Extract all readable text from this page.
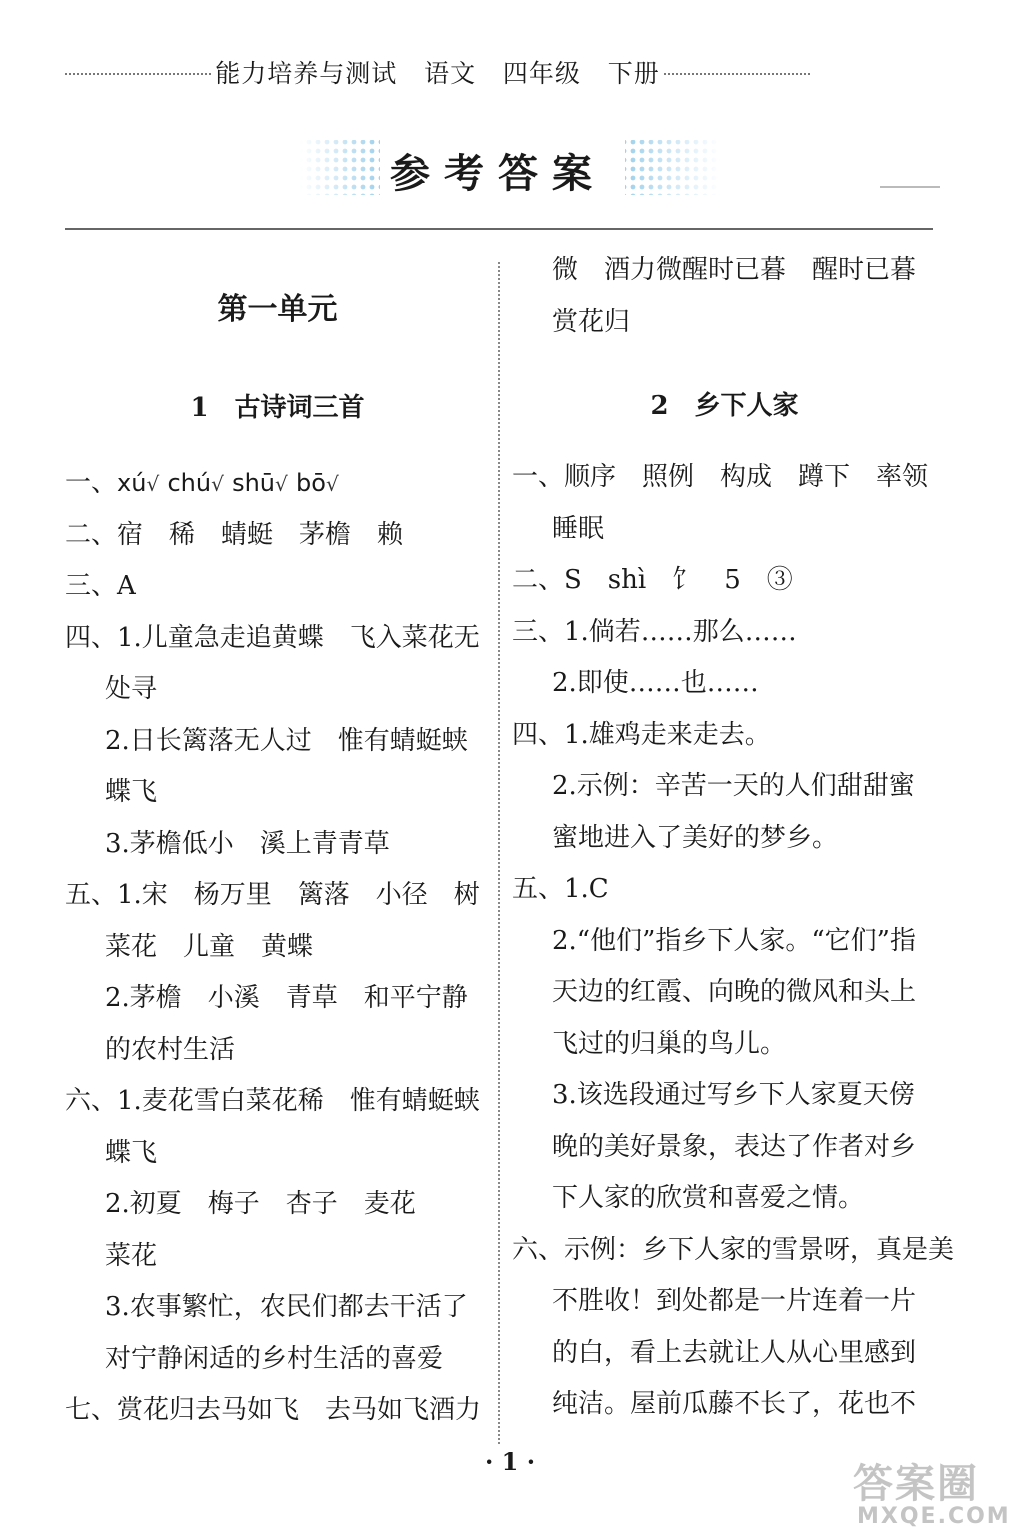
能力培养与测试   语文   四年级   下册
参考答案
第一单元
1　古诗词三首
一、xú√ chú√ shū√ bō√
二、宿　稀　蜻蜓　茅檐　赖
三、A
四、1.儿童急走追黄蝶　飞入菜花无
处寻
2.日长篱落无人过　惟有蜻蜓蛱
蝶飞
3.茅檐低小　溪上青青草
五、1.宋　杨万里　篱落　小径　树
菜花　儿童　黄蝶
2.茅檐　小溪　青草　和平宁静
的农村生活
六、1.麦花雪白菜花稀　惟有蜻蜓蛱
蝶飞
2.初夏　梅子　杏子　麦花
菜花
3.农事繁忙，农民们都去干活了
对宁静闲适的乡村生活的喜爱
七、赏花归去马如飞　去马如飞酒力
微　酒力微醒时已暮　醒时已暮
赏花归
2　乡下人家
一、顺序　照例　构成　蹲下　率领
睡眠
二、S　shì　饣　5　③
三、1.倘若……那么……
2.即使……也……
四、1.雄鸡走来走去。
2.示例：辛苦一天的人们甜甜蜜
蜜地进入了美好的梦乡。
五、1.C
2.“他们”指乡下人家。“它们”指
天边的红霞、向晚的微风和头上
飞过的归巢的鸟儿。
3.该选段通过写乡下人家夏天傍
晚的美好景象，表达了作者对乡
下人家的欣赏和喜爱之情。
六、示例：乡下人家的雪景呀，真是美
不胜收！到处都是一片连着一片
的白，看上去就让人从心里感到
纯洁。屋前瓜藤不长了，花也不
· 1 ·	答案圈
MXQE.COM
